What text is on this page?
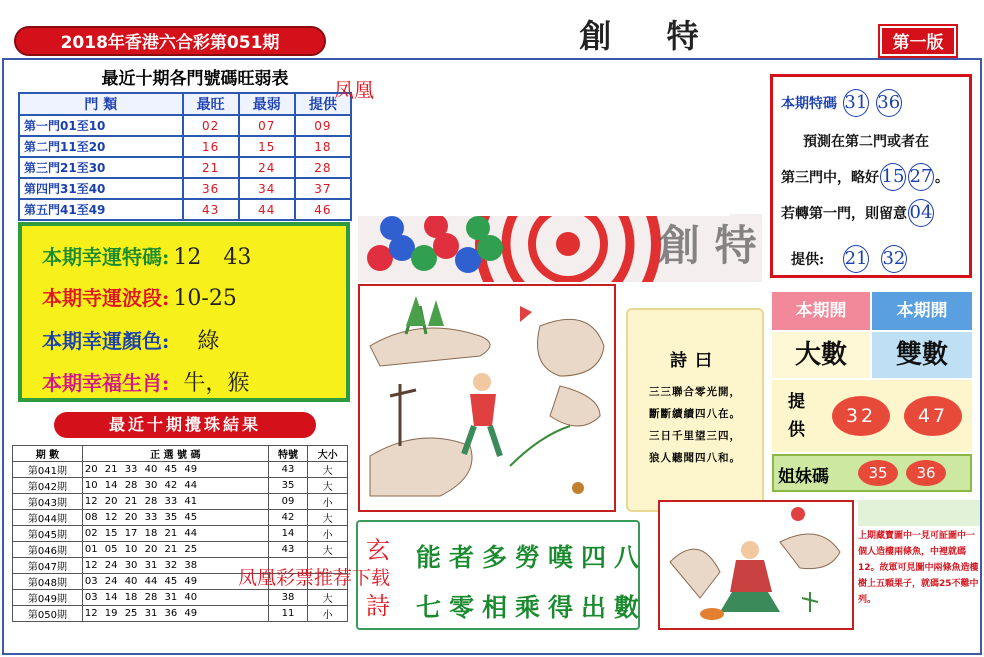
2018年香港六合彩第051期	創 特	第一版
最近十期各門號碼旺弱表
門 類	最旺	最弱	提供
第一門01至10	02	07	09
第二門11至20	16	15	18
第三門21至30	21	24	28
第四門31至40	36	34	37
第五門41至49	43	44	46
本期幸運特碼: 12　43
本期寺運波段: 10-25
本期幸運顏色: 綠
本期幸福生肖: 牛，猴
最近十期攪珠結果
期 數	正 選 號 碼	特號	大小
第041期	20 21 33 40 45 49	43	大
第042期	10 14 28 30 42 44	35	大
第043期	12 20 21 28 33 41	09	小
第044期	08 12 20 33 35 45	42	大
第045期	02 15 17 18 21 44	14	小
第046期	01 05 10 20 21 25	43	大
第047期	12 24 30 31 32 38		
第048期	03 24 40 44 45 49		
第049期	03 14 18 28 31 40	38	大
第050期	12 19 25 31 36 49	11	小
創 特
凤凰
本期特碼 31 36
預測在第二門或者在
第三門中，略好 15 27 。
若轉第一門，則留意 04
提供: 21 32
詩曰
三三聯合零光開，
斷斷續續四八在。
三日千里望三四，
狼人聽聞四八和。
本期開	本期開
大數	雙數
提供
32	47
姐妹碼	35	36
玄
詩
能者多勞嘆四八
七零相乘得出數
凤凰彩票推荐下载
上期藏寶圖中一見可証圖中一個人造樓兩條魚，中裡就碼12。故軍可見圖中兩條魚造樓樹上五顆果子，就碼25不難中列。
